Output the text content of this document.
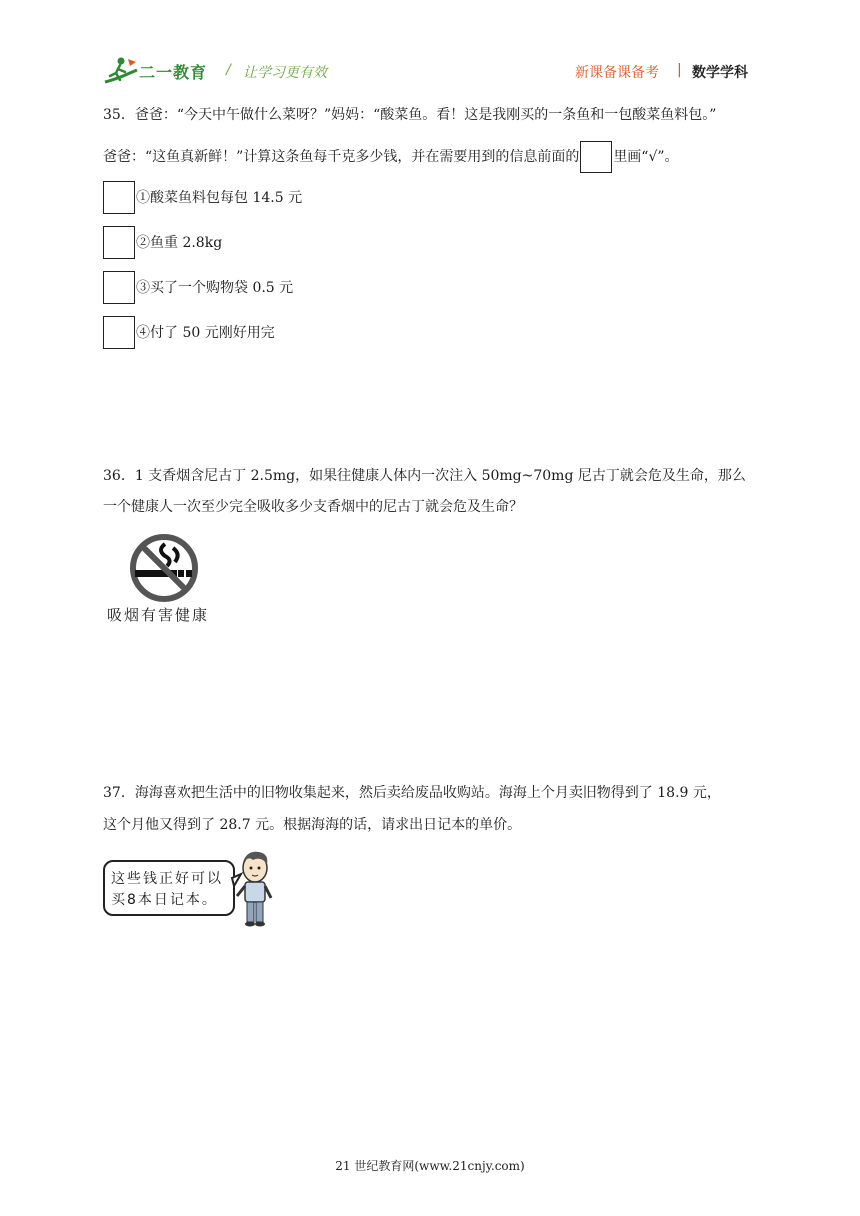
二一教育 / 让学习更有效	新课备课备考 | 数学学科
35．爸爸：“今天中午做什么菜呀？”妈妈：“酸菜鱼。看！这是我刚买的一条鱼和一包酸菜鱼料包。”
爸爸：“这鱼真新鲜！”计算这条鱼每千克多少钱，并在需要用到的信息前面的 里画“√”。
①酸菜鱼料包每包 14.5 元
②鱼重 2.8kg
③买了一个购物袋 0.5 元
④付了 50 元刚好用完
36．1 支香烟含尼古丁 2.5mg，如果往健康人体内一次注入 50mg~70mg 尼古丁就会危及生命，那么
一个健康人一次至少完全吸收多少支香烟中的尼古丁就会危及生命？
吸烟有害健康
37．海海喜欢把生活中的旧物收集起来，然后卖给废品收购站。海海上个月卖旧物得到了 18.9 元，
这个月他又得到了 28.7 元。根据海海的话，请求出日记本的单价。
这些钱正好可以
买8本日记本。
21 世纪教育网(www.21cnjy.com)
